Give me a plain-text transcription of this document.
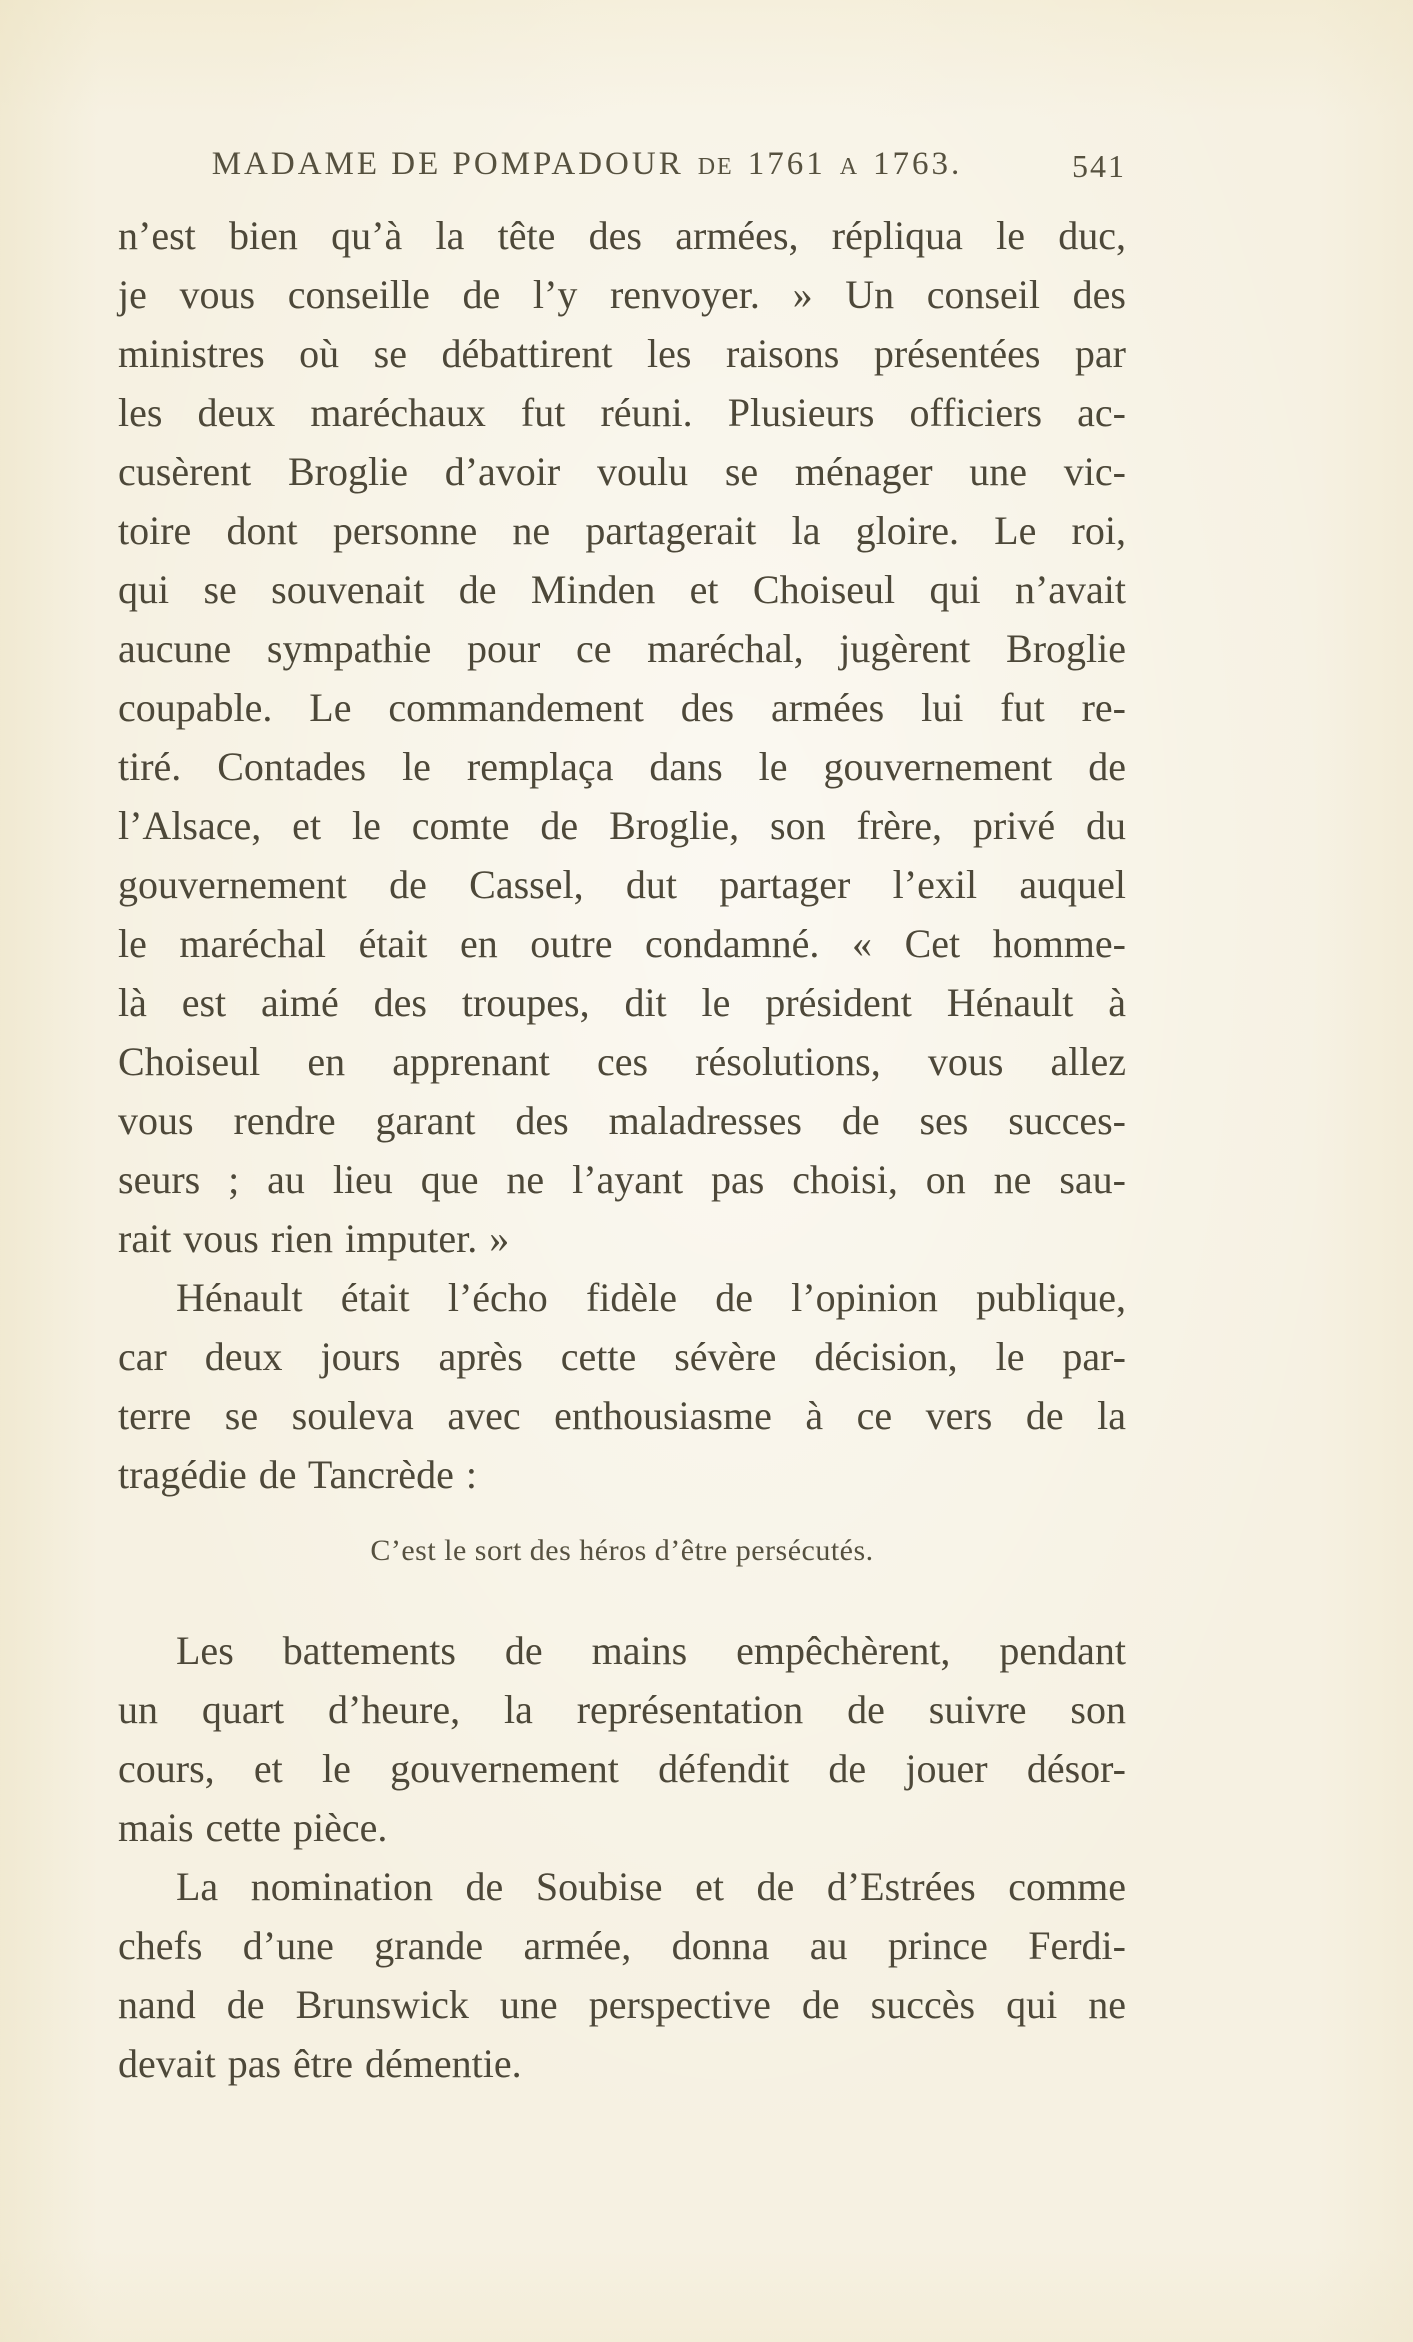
MADAME DE POMPADOUR DE 1761 A 1763.	541
n’est bien qu’à la tête des armées, répliqua le duc,
je vous conseille de l’y renvoyer. » Un conseil des
ministres où se débattirent les raisons présentées par
les deux maréchaux fut réuni. Plusieurs officiers ac-
cusèrent Broglie d’avoir voulu se ménager une vic-
toire dont personne ne partagerait la gloire. Le roi,
qui se souvenait de Minden et Choiseul qui n’avait
aucune sympathie pour ce maréchal, jugèrent Broglie
coupable. Le commandement des armées lui fut re-
tiré. Contades le remplaça dans le gouvernement de
l’Alsace, et le comte de Broglie, son frère, privé du
gouvernement de Cassel, dut partager l’exil auquel
le maréchal était en outre condamné. « Cet homme-
là est aimé des troupes, dit le président Hénault à
Choiseul en apprenant ces résolutions, vous allez
vous rendre garant des maladresses de ses succes-
seurs ; au lieu que ne l’ayant pas choisi, on ne sau-
rait vous rien imputer. »
Hénault était l’écho fidèle de l’opinion publique,
car deux jours après cette sévère décision, le par-
terre se souleva avec enthousiasme à ce vers de la
tragédie de Tancrède :
C’est le sort des héros d’être persécutés.
Les battements de mains empêchèrent, pendant
un quart d’heure, la représentation de suivre son
cours, et le gouvernement défendit de jouer désor-
mais cette pièce.
La nomination de Soubise et de d’Estrées comme
chefs d’une grande armée, donna au prince Ferdi-
nand de Brunswick une perspective de succès qui ne
devait pas être démentie.
